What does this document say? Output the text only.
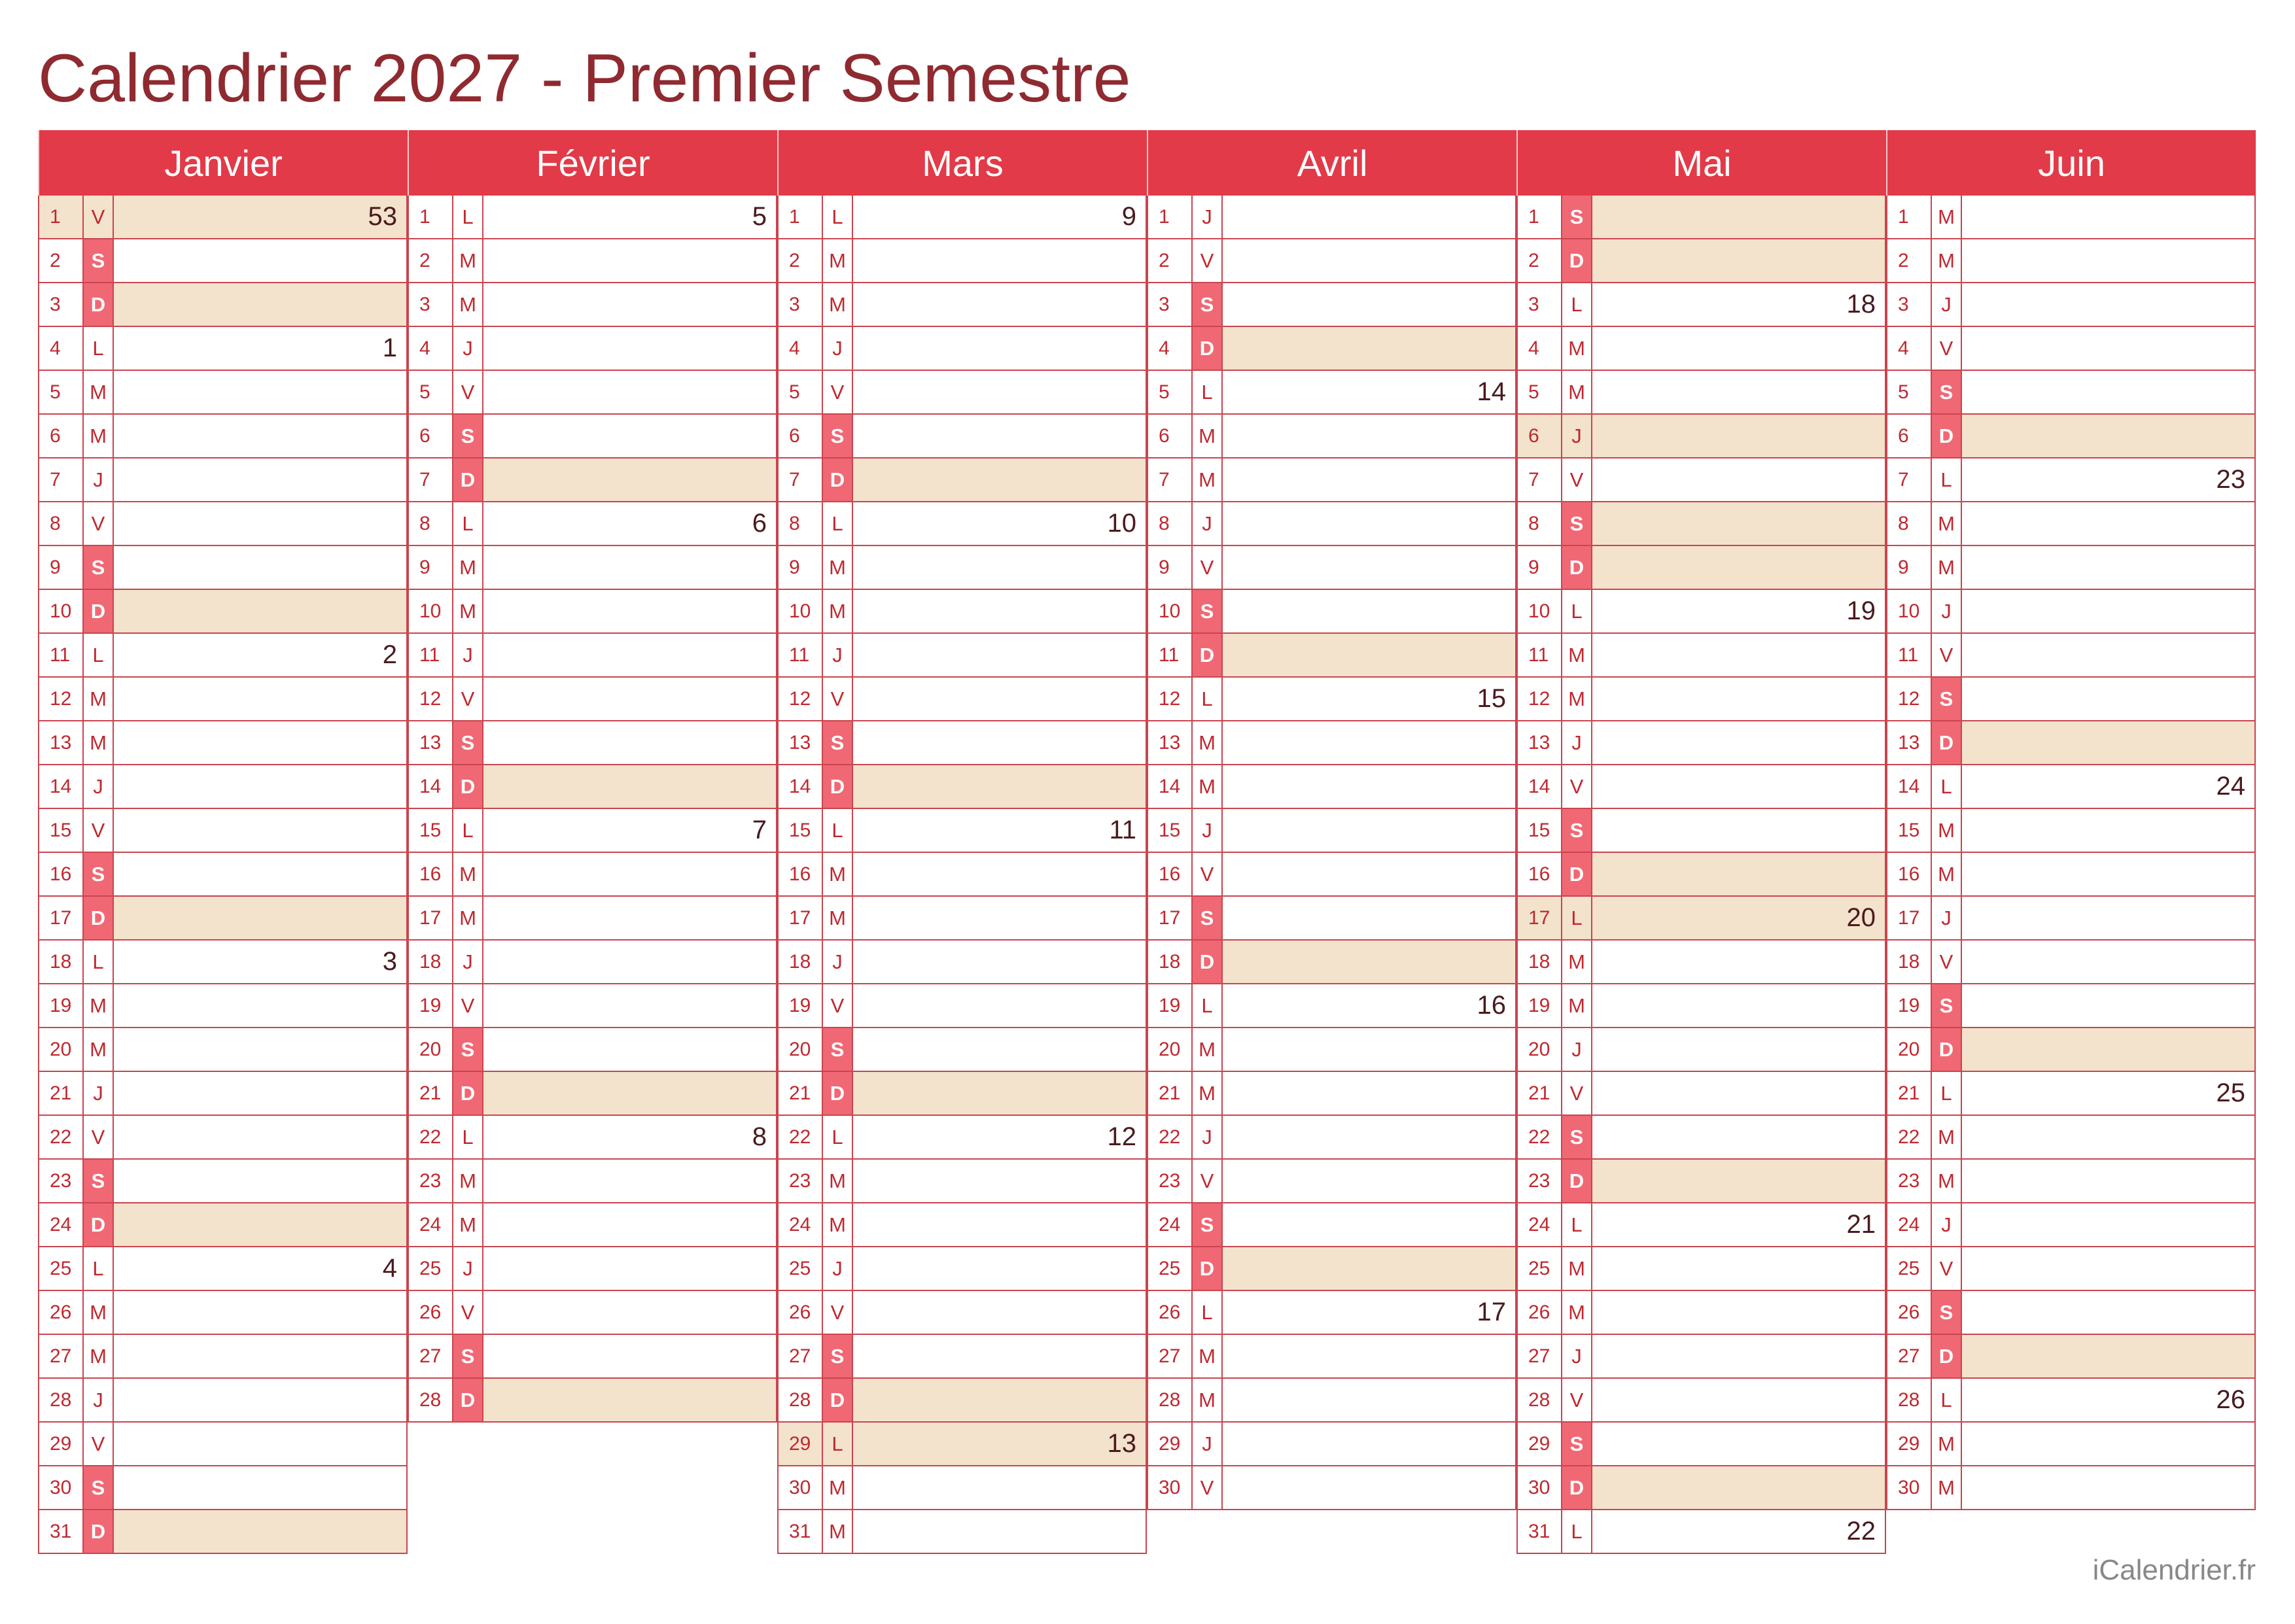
Calendrier 2027 - Premier Semestre
Janvier
1	V	53
2	S
3	D
4	L	1
5	M
6	M
7	J
8	V
9	S
10 D
11	L	2
12 M
13 M
14	J
15 V
16 S
17 D
18	L	3
19 M
20 M
21	J
22 V
23 S
24 D
25	L	4
26 M
27 M
28	J
29 V
30 S
31 D
Février
1	L	5
2	M
3	M
4	J
5	V
6	S
7	D
8	L	6
9	M
10 M
11	J
12 V
13 S
14 D
15	L	7
16 M
17 M
18	J
19 V
20 S
21 D
22	L	8
23 M
24 M
25	J
26 V
27 S
28 D
Mars
1	L	9
2	M
3	M
4	J
5	V
6	S
7	D
8	L	10
9	M
10 M
11	J
12 V
13 S
14 D
15	L	11
16 M
17 M
18	J
19 V
20 S
21 D
22	L	12
23 M
24 M
25	J
26 V
27 S
28 D
29	L	13
30 M
31 M
Avril
1	J
2	V
3	S
4	D
5	L	14
6	M
7	M
8	J
9	V
10 S
11	D
12	L	15
13 M
14 M
15	J
16 V
17 S
18 D
19	L	16
20 M
21 M
22	J
23 V
24 S
25 D
26	L	17
27 M
28 M
29	J
30 V
Mai
1	S
2	D
3	L	18
4	M
5	M
6	J
7	V
8	S
9	D
10	L	19
11 M
12 M
13	J
14 V
15 S
16 D
17	L	20
18 M
19 M
20	J
21 V
22 S
23 D
24	L	21
25 M
26 M
27	J
28 V
29 S
30 D
31	L	22
Juin
1	M
2	M
3	J
4	V
5	S
6	D
7	L	23
8	M
9	M
10	J
11	V
12 S
13 D
14	L	24
15 M
16 M
17	J
18 V
19 S
20 D
21	L	25
22 M
23 M
24	J
25 V
26 S
27 D
28	L	26
29 M
30 M
iCalendrier.fr
